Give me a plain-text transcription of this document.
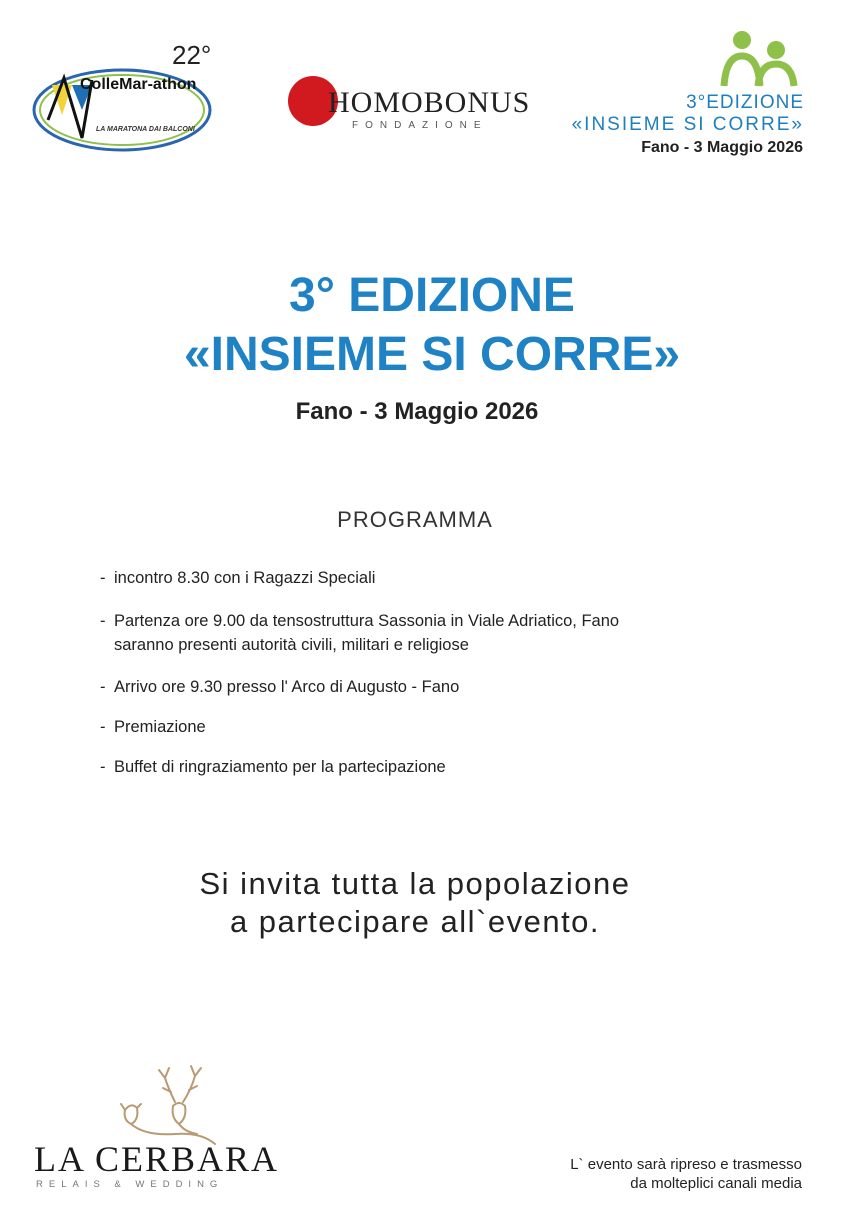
22°
ColleMar-athon
LA MARATONA DAI BALCONI
HOMOBONUS
FONDAZIONE
3°EDIZIONE
«INSIEME SI CORRE»
Fano - 3 Maggio 2026
3° EDIZIONE
«INSIEME SI CORRE»
Fano - 3 Maggio 2026
PROGRAMMA
- incontro 8.30 con i Ragazzi Speciali
- Partenza ore 9.00 da tensostruttura Sassonia in Viale Adriatico, Fano
saranno presenti autorità civili, militari e religiose
- Arrivo ore 9.30 presso l' Arco di Augusto - Fano
- Premiazione
- Buffet di ringraziamento per la partecipazione
Si invita tutta la popolazione
a partecipare all`evento.
LA CERBARA
RELAIS & WEDDING
L` evento sarà ripreso e trasmesso
da molteplici canali media
